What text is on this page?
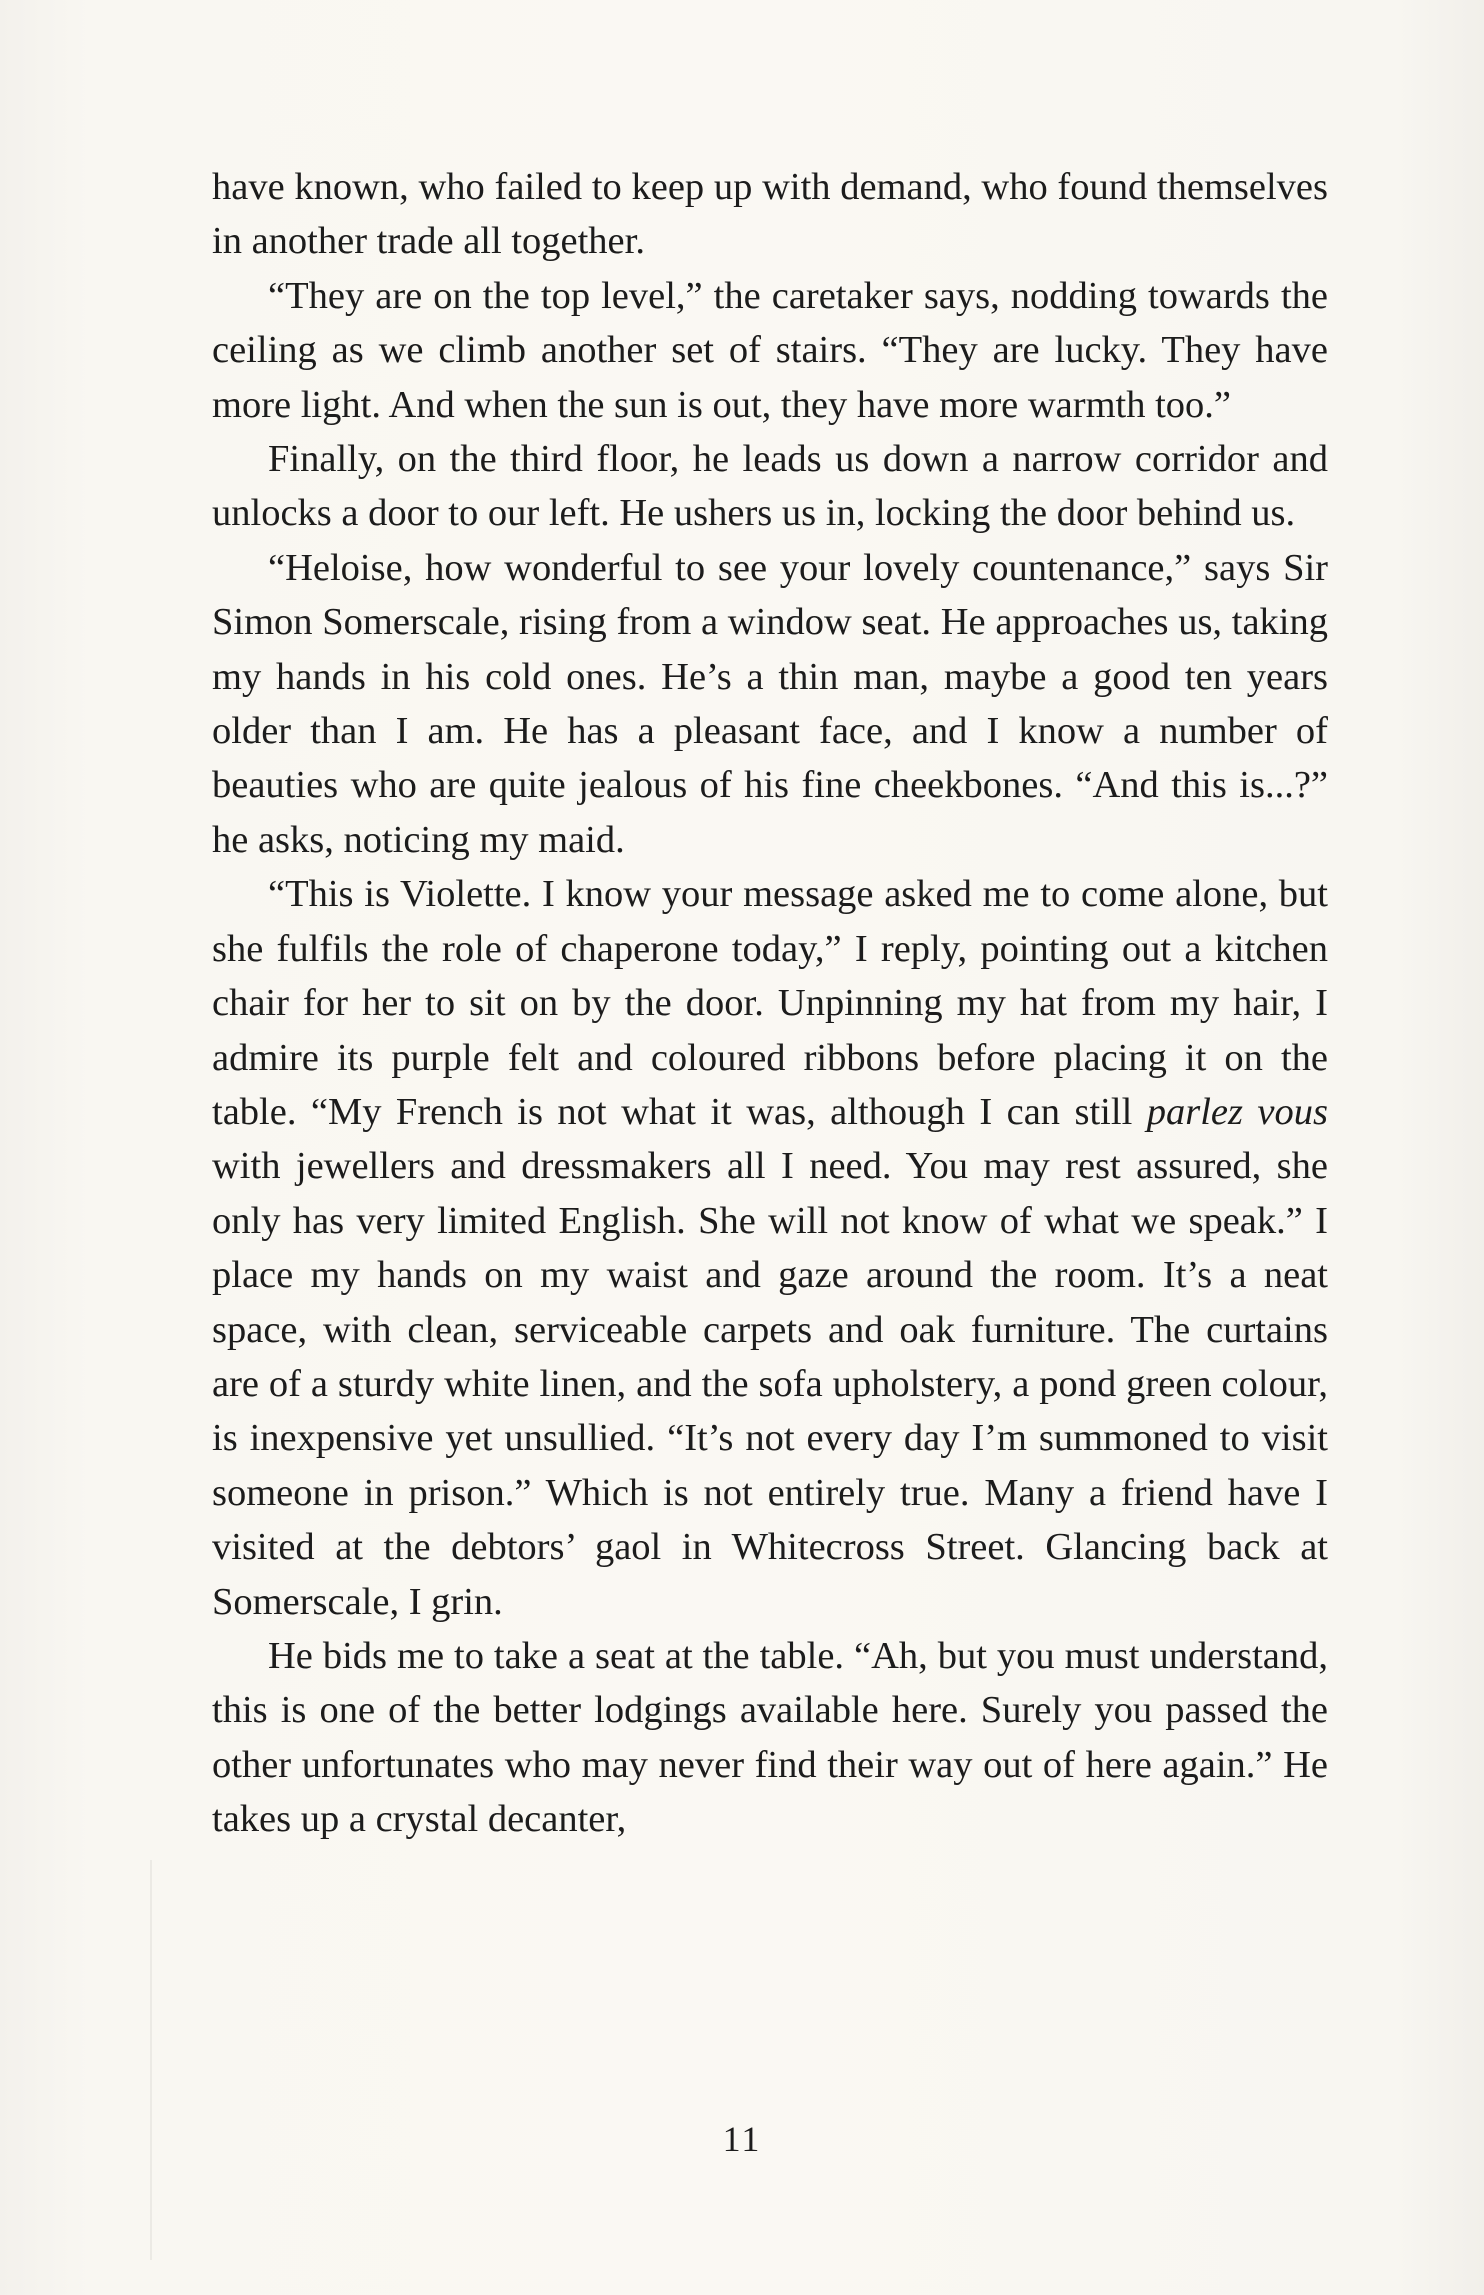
have known, who failed to keep up with demand, who found themselves in another trade all together.

“They are on the top level,” the caretaker says, nodding towards the ceiling as we climb another set of stairs. “They are lucky. They have more light. And when the sun is out, they have more warmth too.”

Finally, on the third floor, he leads us down a narrow corridor and unlocks a door to our left. He ushers us in, locking the door behind us.

“Heloise, how wonderful to see your lovely countenance,” says Sir Simon Somerscale, rising from a window seat. He approaches us, taking my hands in his cold ones. He’s a thin man, maybe a good ten years older than I am. He has a pleasant face, and I know a number of beauties who are quite jealous of his fine cheekbones. “And this is...?” he asks, noticing my maid.

“This is Violette. I know your message asked me to come alone, but she fulfils the role of chaperone today,” I reply, pointing out a kitchen chair for her to sit on by the door. Unpinning my hat from my hair, I admire its purple felt and coloured ribbons before placing it on the table. “My French is not what it was, although I can still parlez vous with jewellers and dressmakers all I need. You may rest assured, she only has very limited English. She will not know of what we speak.” I place my hands on my waist and gaze around the room. It’s a neat space, with clean, serviceable carpets and oak furniture. The curtains are of a sturdy white linen, and the sofa upholstery, a pond green colour, is inexpensive yet unsullied. “It’s not every day I’m summoned to visit someone in prison.” Which is not entirely true. Many a friend have I visited at the debtors’ gaol in Whitecross Street. Glancing back at Somerscale, I grin.

He bids me to take a seat at the table. “Ah, but you must understand, this is one of the better lodgings available here. Surely you passed the other unfortunates who may never find their way out of here again.” He takes up a crystal decanter,

11
